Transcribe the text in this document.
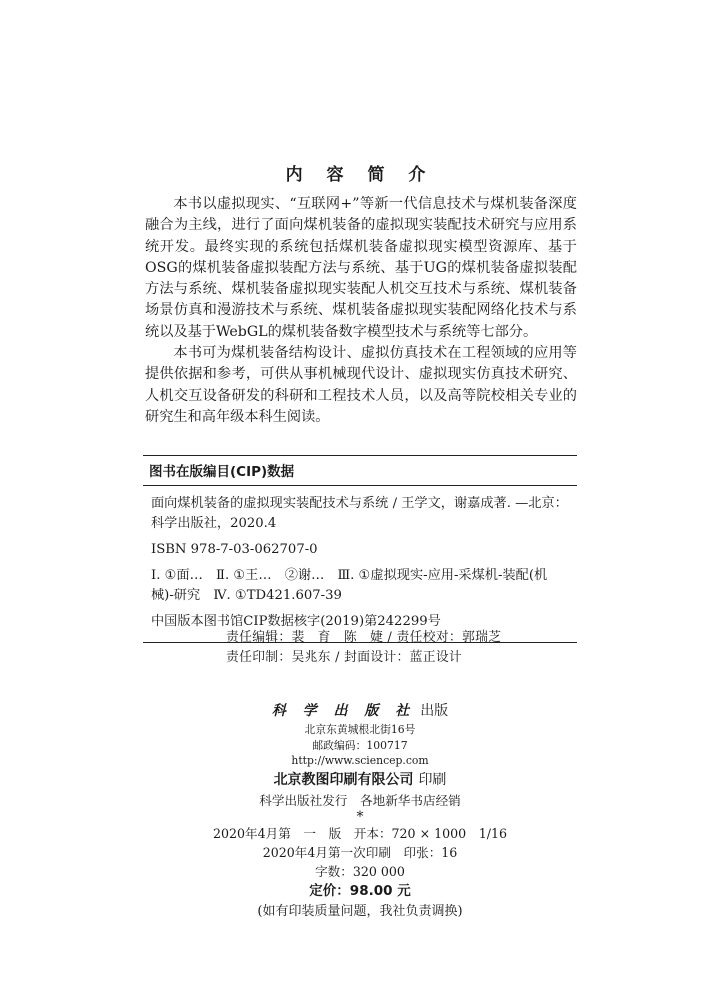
内 容 简 介

本书以虚拟现实、“互联网+”等新一代信息技术与煤机装备深度融合为主线，进行了面向煤机装备的虚拟现实装配技术研究与应用系统开发。最终实现的系统包括煤机装备虚拟现实模型资源库、基于OSG的煤机装备虚拟装配方法与系统、基于UG的煤机装备虚拟装配方法与系统、煤机装备虚拟现实装配人机交互技术与系统、煤机装备场景仿真和漫游技术与系统、煤机装备虚拟现实装配网络化技术与系统以及基于WebGL的煤机装备数字模型技术与系统等七部分。

本书可为煤机装备结构设计、虚拟仿真技术在工程领域的应用等提供依据和参考，可供从事机械现代设计、虚拟现实仿真技术研究、人机交互设备研发的科研和工程技术人员，以及高等院校相关专业的研究生和高年级本科生阅读。

图书在版编目(CIP)数据

面向煤机装备的虚拟现实装配技术与系统 / 王学文，谢嘉成著. —北京：科学出版社，2020.4

ISBN 978-7-03-062707-0

Ⅰ. ①面…　Ⅱ. ①王…　②谢…　Ⅲ. ①虚拟现实-应用-采煤机-装配(机械)-研究　Ⅳ. ①TD421.607-39

中国版本图书馆CIP数据核字(2019)第242299号

责任编辑：裴　育　陈　婕 / 责任校对：郭瑞芝
责任印制：吴兆东 / 封面设计：蓝正设计
科 学 出 版 社 出版
北京东黄城根北街16号
邮政编码：100717
http://www.sciencep.com
北京教图印刷有限公司 印刷
科学出版社发行　各地新华书店经销
*
2020年4月第　一　版　开本：720 × 1000　1/16
2020年4月第一次印刷　印张：16
字数：320 000
定价：98.00 元
(如有印装质量问题，我社负责调换)
